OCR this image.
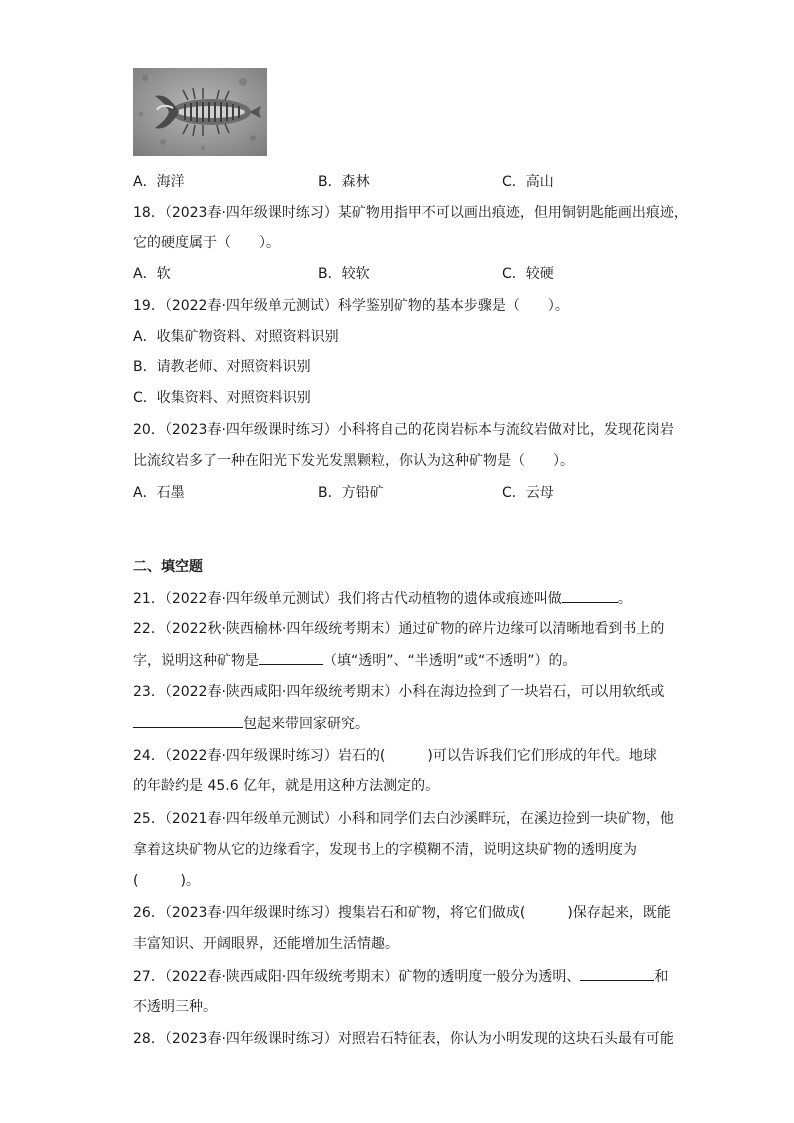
A．海洋	B．森林	C．高山
18．（2023春·四年级课时练习）某矿物用指甲不可以画出痕迹，但用铜钥匙能画出痕迹，
它的硬度属于（　　）。
A．软	B．较软	C．较硬
19．（2022春·四年级单元测试）科学鉴别矿物的基本步骤是（　　）。
A．收集矿物资料、对照资料识别
B．请教老师、对照资料识别
C．收集资料、对照资料识别
20．（2023春·四年级课时练习）小科将自己的花岗岩标本与流纹岩做对比，发现花岗岩
比流纹岩多了一种在阳光下发光发黑颗粒，你认为这种矿物是（　　）。
A．石墨	B．方铅矿	C．云母
二、填空题
21．（2022春·四年级单元测试）我们将古代动植物的遗体或痕迹叫做	。
22．（2022秋·陕西榆林·四年级统考期末）通过矿物的碎片边缘可以清晰地看到书上的
字，说明这种矿物是	（填“透明”、“半透明”或“不透明”）的。
23．（2022春·陕西咸阳·四年级统考期末）小科在海边捡到了一块岩石，可以用软纸或
包起来带回家研究。
24．（2022春·四年级课时练习）岩石的(　　　)可以告诉我们它们形成的年代。地球
的年龄约是 45.6 亿年，就是用这种方法测定的。
25．（2021春·四年级单元测试）小科和同学们去白沙溪畔玩，在溪边捡到一块矿物，他
拿着这块矿物从它的边缘看字，发现书上的字模糊不清，说明这块矿物的透明度为
(　　　)。
26．（2023春·四年级课时练习）搜集岩石和矿物，将它们做成(　　　)保存起来，既能
丰富知识、开阔眼界，还能增加生活情趣。
27．（2022春·陕西咸阳·四年级统考期末）矿物的透明度一般分为透明、	和
不透明三种。
28．（2023春·四年级课时练习）对照岩石特征表，你认为小明发现的这块石头最有可能
